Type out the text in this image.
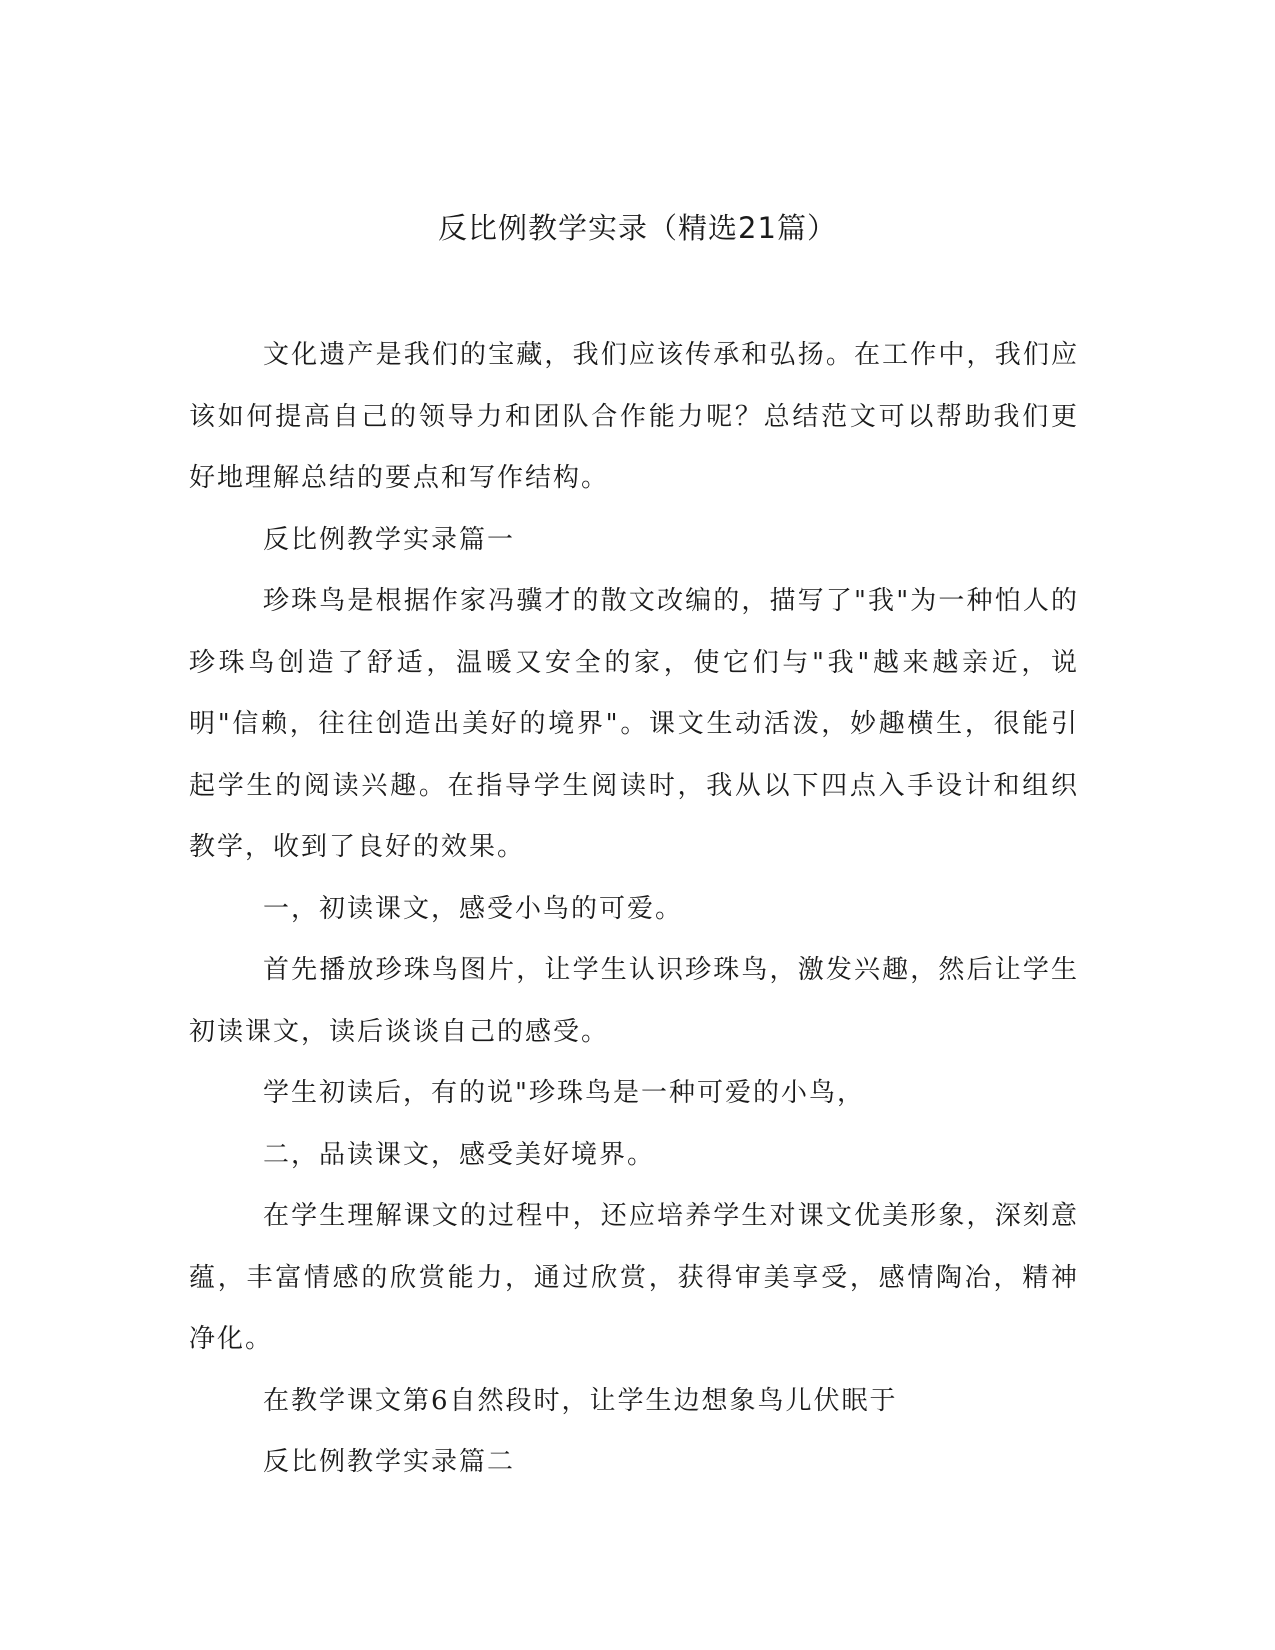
反比例教学实录（精选21篇）

文化遗产是我们的宝藏，我们应该传承和弘扬。在工作中，我们应该如何提高自己的领导力和团队合作能力呢？总结范文可以帮助我们更好地理解总结的要点和写作结构。

反比例教学实录篇一

珍珠鸟是根据作家冯骥才的散文改编的，描写了"我"为一种怕人的珍珠鸟创造了舒适，温暖又安全的家，使它们与"我"越来越亲近，说明"信赖，往往创造出美好的境界"。课文生动活泼，妙趣横生，很能引起学生的阅读兴趣。在指导学生阅读时，我从以下四点入手设计和组织教学，收到了良好的效果。

一，初读课文，感受小鸟的可爱。

首先播放珍珠鸟图片，让学生认识珍珠鸟，激发兴趣，然后让学生初读课文，读后谈谈自己的感受。

学生初读后，有的说"珍珠鸟是一种可爱的小鸟，

二，品读课文，感受美好境界。

在学生理解课文的过程中，还应培养学生对课文优美形象，深刻意蕴，丰富情感的欣赏能力，通过欣赏，获得审美享受，感情陶冶，精神净化。

在教学课文第6自然段时，让学生边想象鸟儿伏眠于

反比例教学实录篇二
